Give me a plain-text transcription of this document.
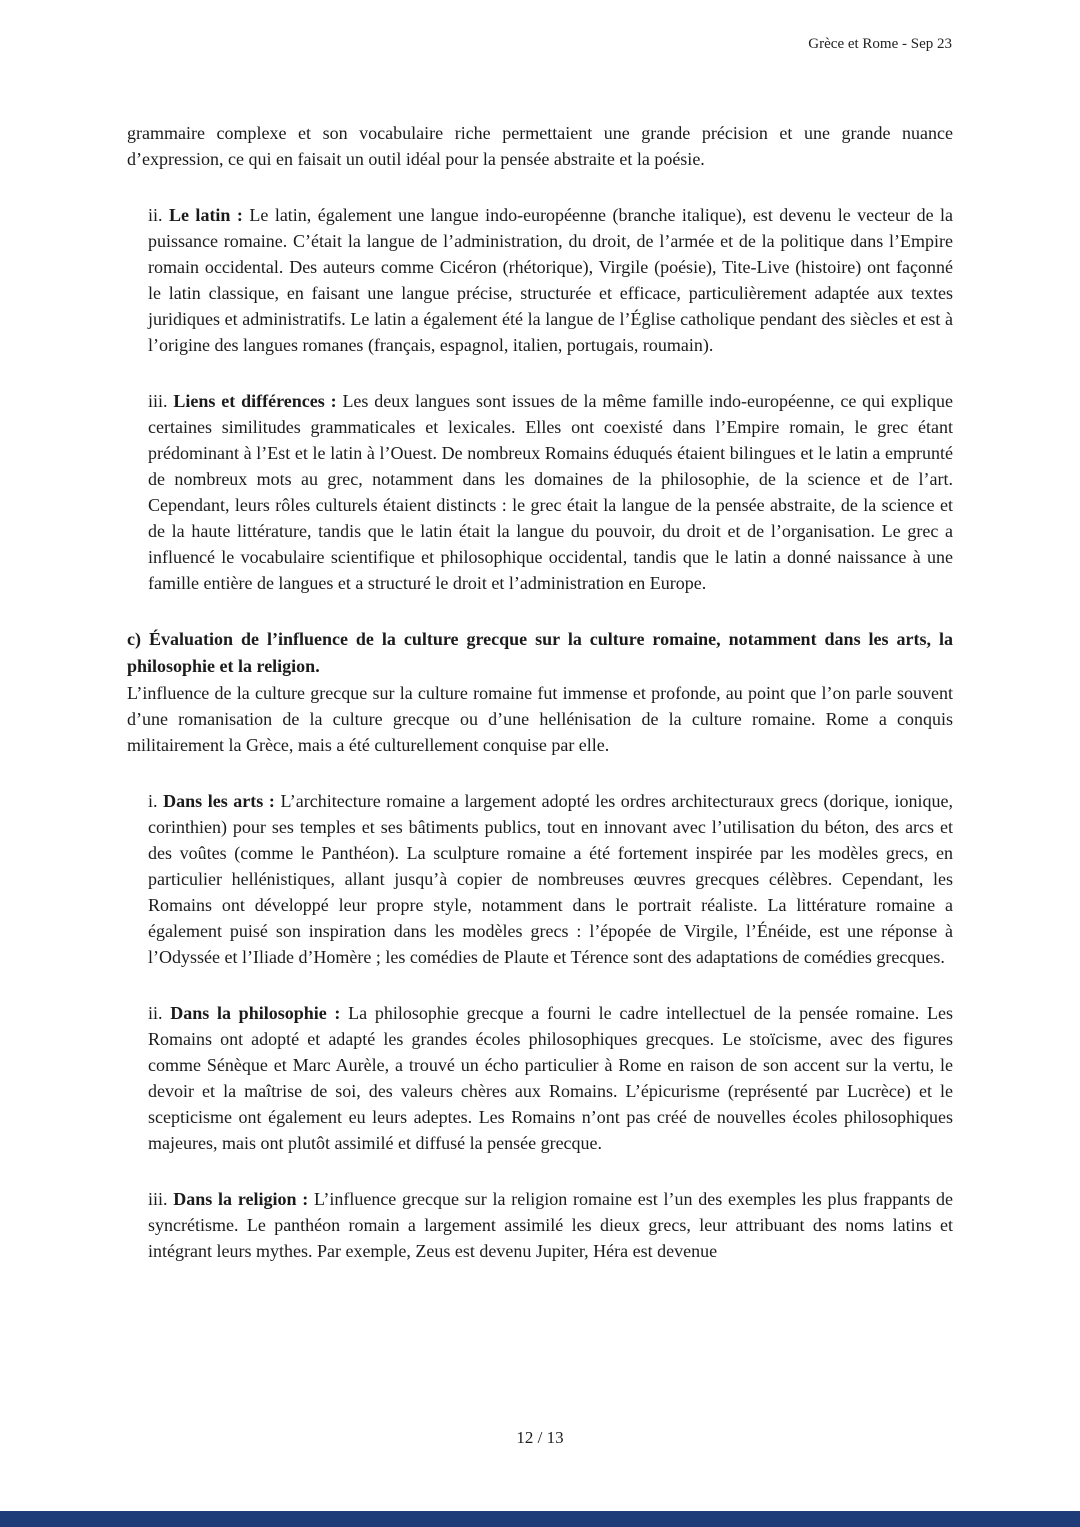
Grèce et Rome - Sep 23

grammaire complexe et son vocabulaire riche permettaient une grande précision et une grande nuance d’expression, ce qui en faisait un outil idéal pour la pensée abstraite et la poésie.

ii. Le latin : Le latin, également une langue indo-européenne (branche italique), est devenu le vecteur de la puissance romaine. C’était la langue de l’administration, du droit, de l’armée et de la politique dans l’Empire romain occidental. Des auteurs comme Cicéron (rhétorique), Virgile (poésie), Tite-Live (histoire) ont façonné le latin classique, en faisant une langue précise, structurée et efficace, particulièrement adaptée aux textes juridiques et administratifs. Le latin a également été la langue de l’Église catholique pendant des siècles et est à l’origine des langues romanes (français, espagnol, italien, portugais, roumain).

iii. Liens et différences : Les deux langues sont issues de la même famille indo-européenne, ce qui explique certaines similitudes grammaticales et lexicales. Elles ont coexisté dans l’Empire romain, le grec étant prédominant à l’Est et le latin à l’Ouest. De nombreux Romains éduqués étaient bilingues et le latin a emprunté de nombreux mots au grec, notamment dans les domaines de la philosophie, de la science et de l’art. Cependant, leurs rôles culturels étaient distincts : le grec était la langue de la pensée abstraite, de la science et de la haute littérature, tandis que le latin était la langue du pouvoir, du droit et de l’organisation. Le grec a influencé le vocabulaire scientifique et philosophique occidental, tandis que le latin a donné naissance à une famille entière de langues et a structuré le droit et l’administration en Europe.

c) Évaluation de l’influence de la culture grecque sur la culture romaine, notamment dans les arts, la philosophie et la religion.

L’influence de la culture grecque sur la culture romaine fut immense et profonde, au point que l’on parle souvent d’une romanisation de la culture grecque ou d’une hellénisation de la culture romaine. Rome a conquis militairement la Grèce, mais a été culturellement conquise par elle.

i. Dans les arts : L’architecture romaine a largement adopté les ordres architecturaux grecs (dorique, ionique, corinthien) pour ses temples et ses bâtiments publics, tout en innovant avec l’utilisation du béton, des arcs et des voûtes (comme le Panthéon). La sculpture romaine a été fortement inspirée par les modèles grecs, en particulier hellénistiques, allant jusqu’à copier de nombreuses œuvres grecques célèbres. Cependant, les Romains ont développé leur propre style, notamment dans le portrait réaliste. La littérature romaine a également puisé son inspiration dans les modèles grecs : l’épopée de Virgile, l’Énéide, est une réponse à l’Odyssée et l’Iliade d’Homère ; les comédies de Plaute et Térence sont des adaptations de comédies grecques.

ii. Dans la philosophie : La philosophie grecque a fourni le cadre intellectuel de la pensée romaine. Les Romains ont adopté et adapté les grandes écoles philosophiques grecques. Le stoïcisme, avec des figures comme Sénèque et Marc Aurèle, a trouvé un écho particulier à Rome en raison de son accent sur la vertu, le devoir et la maîtrise de soi, des valeurs chères aux Romains. L’épicurisme (représenté par Lucrèce) et le scepticisme ont également eu leurs adeptes. Les Romains n’ont pas créé de nouvelles écoles philosophiques majeures, mais ont plutôt assimilé et diffusé la pensée grecque.

iii. Dans la religion : L’influence grecque sur la religion romaine est l’un des exemples les plus frappants de syncrétisme. Le panthéon romain a largement assimilé les dieux grecs, leur attribuant des noms latins et intégrant leurs mythes. Par exemple, Zeus est devenu Jupiter, Héra est devenue

12 / 13
